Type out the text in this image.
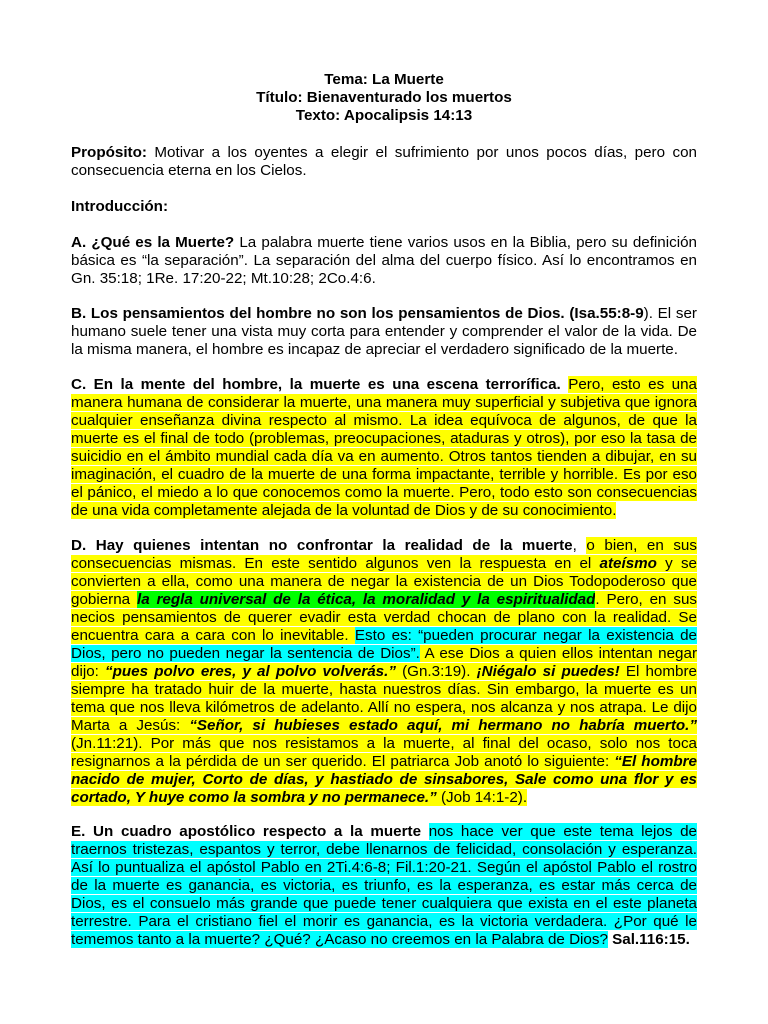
Tema: La Muerte
Título: Bienaventurado los muertos
Texto: Apocalipsis 14:13

Propósito: Motivar a los oyentes a elegir el sufrimiento por unos pocos días, pero con consecuencia eterna en los Cielos.

Introducción:

A. ¿Qué es la Muerte? La palabra muerte tiene varios usos en la Biblia, pero su definición básica es “la separación”. La separación del alma del cuerpo físico. Así lo encontramos en Gn. 35:18; 1Re. 17:20-22; Mt.10:28; 2Co.4:6.

B. Los pensamientos del hombre no son los pensamientos de Dios. (Isa.55:8-9). El ser humano suele tener una vista muy corta para entender y comprender el valor de la vida. De la misma manera, el hombre es incapaz de apreciar el verdadero significado de la muerte.

C. En la mente del hombre, la muerte es una escena terrorífica. Pero, esto es una manera humana de considerar la muerte, una manera muy superficial y subjetiva que ignora cualquier enseñanza divina respecto al mismo. La idea equívoca de algunos, de que la muerte es el final de todo (problemas, preocupaciones, ataduras y otros), por eso la tasa de suicidio en el ámbito mundial cada día va en aumento. Otros tantos tienden a dibujar, en su imaginación, el cuadro de la muerte de una forma impactante, terrible y horrible. Es por eso el pánico, el miedo a lo que conocemos como la muerte. Pero, todo esto son consecuencias de una vida completamente alejada de la voluntad de Dios y de su conocimiento.

D. Hay quienes intentan no confrontar la realidad de la muerte, o bien, en sus consecuencias mismas. En este sentido algunos ven la respuesta en el ateísmo y se convierten a ella, como una manera de negar la existencia de un Dios Todopoderoso que gobierna la regla universal de la ética, la moralidad y la espiritualidad. Pero, en sus necios pensamientos de querer evadir esta verdad chocan de plano con la realidad. Se encuentra cara a cara con lo inevitable. Esto es: “pueden procurar negar la existencia de Dios, pero no pueden negar la sentencia de Dios”. A ese Dios a quien ellos intentan negar dijo: “pues polvo eres, y al polvo volverás.” (Gn.3:19). ¡Niégalo si puedes! El hombre siempre ha tratado huir de la muerte, hasta nuestros días. Sin embargo, la muerte es un tema que nos lleva kilómetros de adelanto. Allí no espera, nos alcanza y nos atrapa. Le dijo Marta a Jesús: “Señor, si hubieses estado aquí, mi hermano no habría muerto.” (Jn.11:21). Por más que nos resistamos a la muerte, al final del ocaso, solo nos toca resignarnos a la pérdida de un ser querido. El patriarca Job anotó lo siguiente: “El hombre nacido de mujer, Corto de días, y hastiado de sinsabores, Sale como una flor y es cortado, Y huye como la sombra y no permanece.” (Job 14:1-2).

E. Un cuadro apostólico respecto a la muerte nos hace ver que este tema lejos de traernos tristezas, espantos y terror, debe llenarnos de felicidad, consolación y esperanza. Así lo puntualiza el apóstol Pablo en 2Ti.4:6-8; Fil.1:20-21. Según el apóstol Pablo el rostro de la muerte es ganancia, es victoria, es triunfo, es la esperanza, es estar más cerca de Dios, es el consuelo más grande que puede tener cualquiera que exista en el este planeta terrestre. Para el cristiano fiel el morir es ganancia, es la victoria verdadera. ¿Por qué le tememos tanto a la muerte? ¿Qué? ¿Acaso no creemos en la Palabra de Dios? Sal.116:15.
